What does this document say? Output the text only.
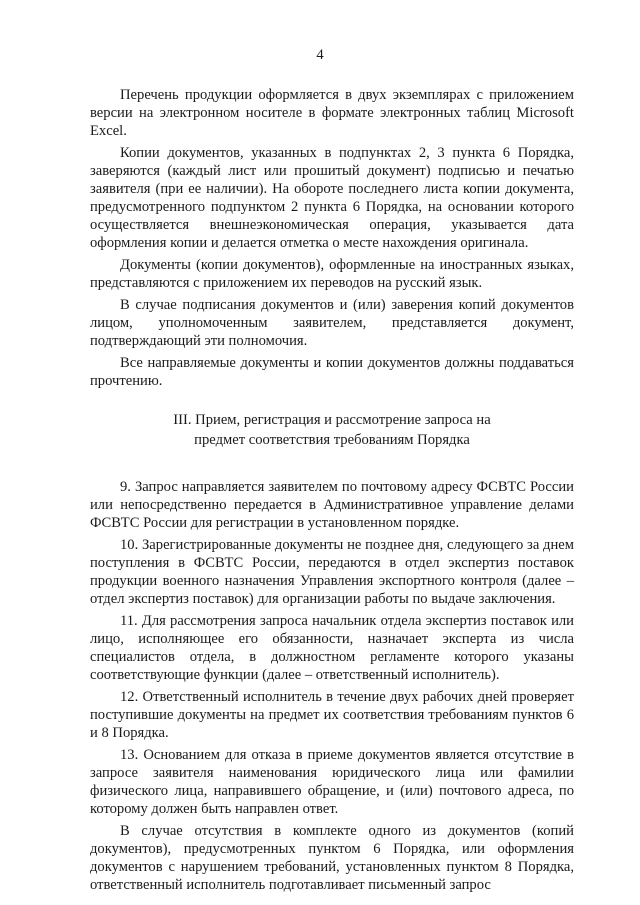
4

Перечень продукции оформляется в двух экземплярах с приложением версии на электронном носителе в формате электронных таблиц Microsoft Excel.

Копии документов, указанных в подпунктах 2, 3 пункта 6 Порядка, заверяются (каждый лист или прошитый документ) подписью и печатью заявителя (при ее наличии). На обороте последнего листа копии документа, предусмотренного подпунктом 2 пункта 6 Порядка, на основании которого осуществляется внешнеэкономическая операция, указывается дата оформления копии и делается отметка о месте нахождения оригинала.

Документы (копии документов), оформленные на иностранных языках, представляются с приложением их переводов на русский язык.

В случае подписания документов и (или) заверения копий документов лицом, уполномоченным заявителем, представляется документ, подтверждающий эти полномочия.

Все направляемые документы и копии документов должны поддаваться прочтению.

III. Прием, регистрация и рассмотрение запроса на
предмет соответствия требованиям Порядка

9. Запрос направляется заявителем по почтовому адресу ФСВТС России или непосредственно передается в Административное управление делами ФСВТС России для регистрации в установленном порядке.

10. Зарегистрированные документы не позднее дня, следующего за днем поступления в ФСВТС России, передаются в отдел экспертиз поставок продукции военного назначения Управления экспортного контроля (далее – отдел экспертиз поставок) для организации работы по выдаче заключения.

11. Для рассмотрения запроса начальник отдела экспертиз поставок или лицо, исполняющее его обязанности, назначает эксперта из числа специалистов отдела, в должностном регламенте которого указаны соответствующие функции (далее – ответственный исполнитель).

12. Ответственный исполнитель в течение двух рабочих дней проверяет поступившие документы на предмет их соответствия требованиям пунктов 6 и 8 Порядка.

13. Основанием для отказа в приеме документов является отсутствие в запросе заявителя наименования юридического лица или фамилии физического лица, направившего обращение, и (или) почтового адреса, по которому должен быть направлен ответ.

В случае отсутствия в комплекте одного из документов (копий документов), предусмотренных пунктом 6 Порядка, или оформления документов с нарушением требований, установленных пунктом 8 Порядка, ответственный исполнитель подготавливает письменный запрос
